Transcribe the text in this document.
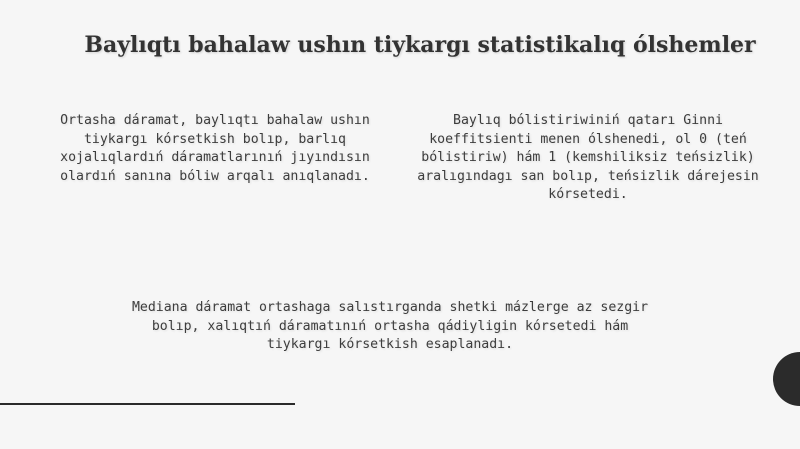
Baylıqtı bahalaw ushın tiykargı statistikalıq ólshemler
Ortasha dáramat, baylıqtı bahalaw ushın tiykargı kórsetkish bolıp, barlıq xojalıqlardıń dáramatlarınıń jıyındısın olardıń sanına bóliw arqalı anıqlanadı.
Baylıq bólistiriwiniń qatarı Ginni koeffitsienti menen ólshenedi, ol 0 (teń bólistiriw) hám 1 (kemshiliksiz teńsizlik) aralıgındagı san bolıp, teńsizlik dárejesin kórsetedi.
Mediana dáramat ortashaga salıstırganda shetki mázlerge az sezgir bolıp, xalıqtıń dáramatınıń ortasha qádiyligin kórsetedi hám tiykargı kórsetkish esaplanadı.
